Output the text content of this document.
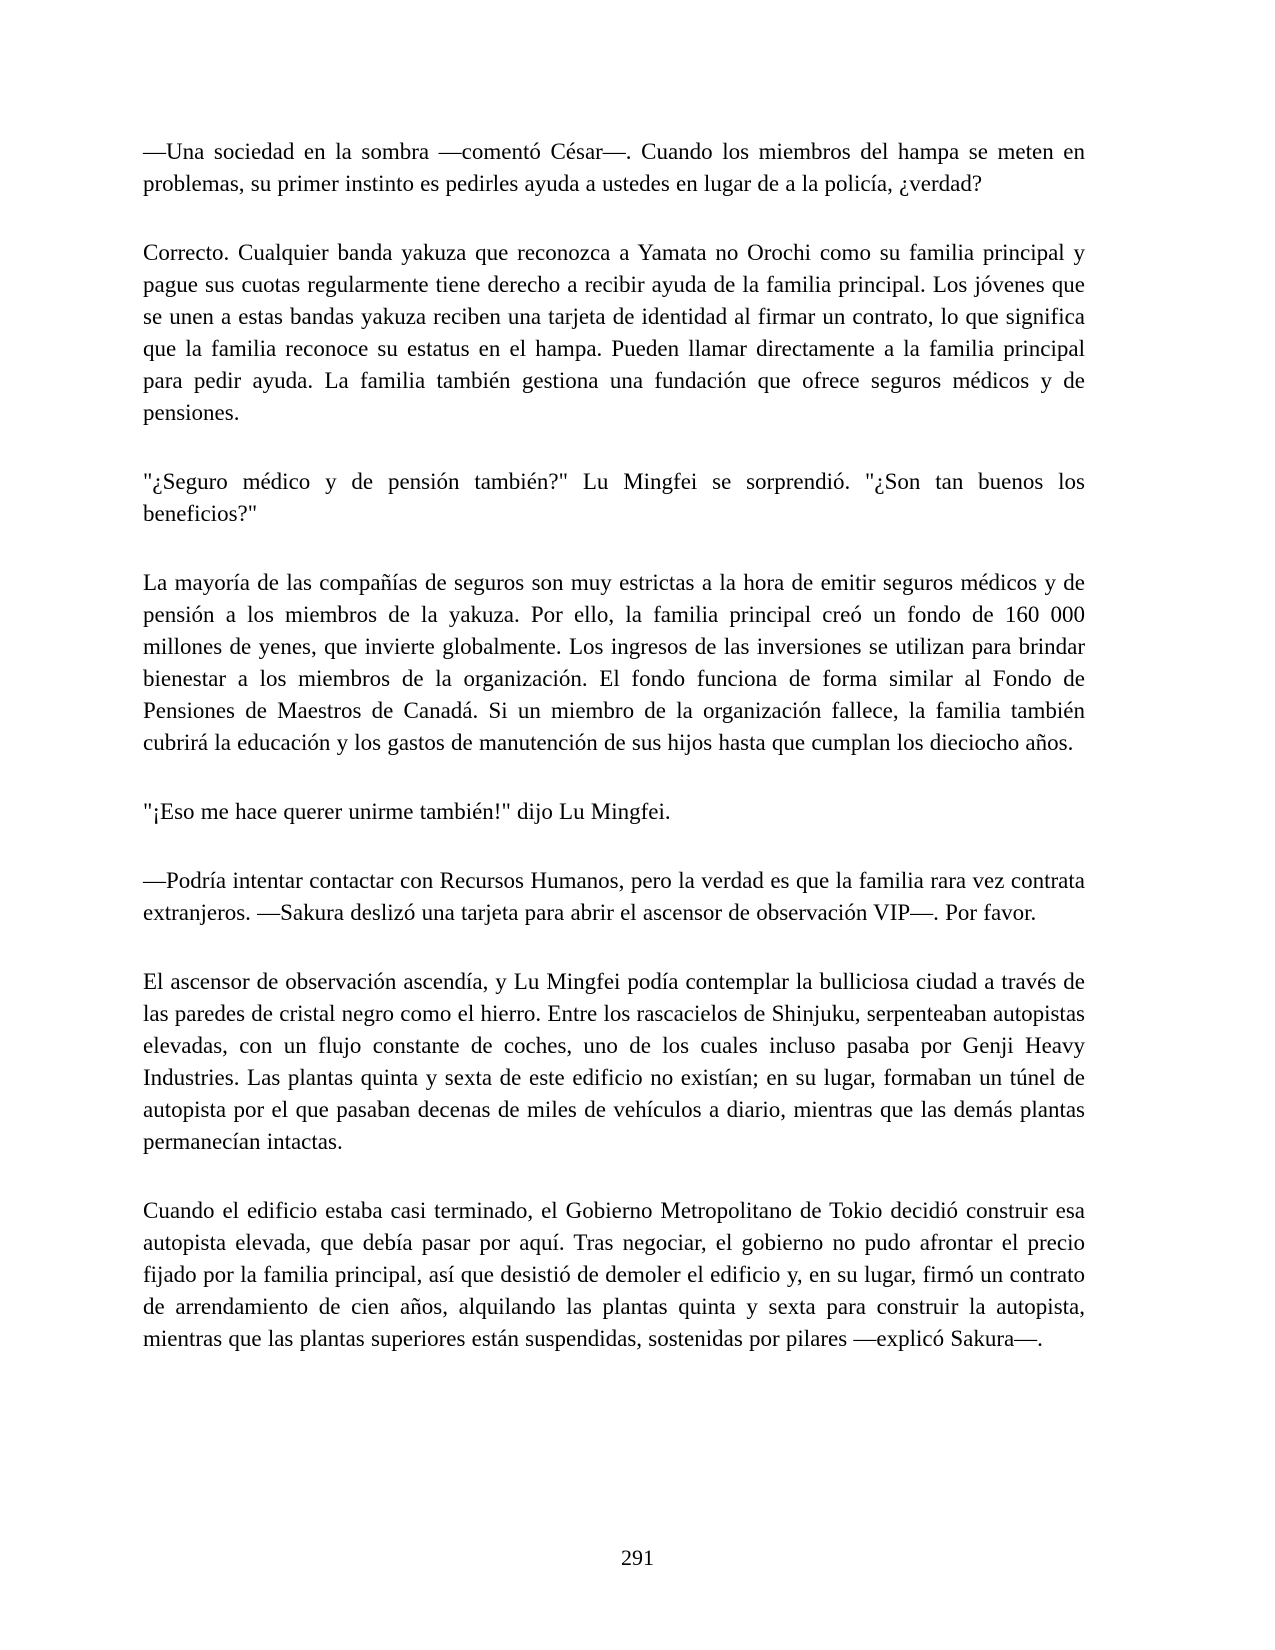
—Una sociedad en la sombra —comentó César—. Cuando los miembros del hampa se meten en problemas, su primer instinto es pedirles ayuda a ustedes en lugar de a la policía, ¿verdad?

Correcto. Cualquier banda yakuza que reconozca a Yamata no Orochi como su familia principal y pague sus cuotas regularmente tiene derecho a recibir ayuda de la familia principal. Los jóvenes que se unen a estas bandas yakuza reciben una tarjeta de identidad al firmar un contrato, lo que significa que la familia reconoce su estatus en el hampa. Pueden llamar directamente a la familia principal para pedir ayuda. La familia también gestiona una fundación que ofrece seguros médicos y de pensiones.

"¿Seguro médico y de pensión también?" Lu Mingfei se sorprendió. "¿Son tan buenos los beneficios?"

La mayoría de las compañías de seguros son muy estrictas a la hora de emitir seguros médicos y de pensión a los miembros de la yakuza. Por ello, la familia principal creó un fondo de 160 000 millones de yenes, que invierte globalmente. Los ingresos de las inversiones se utilizan para brindar bienestar a los miembros de la organización. El fondo funciona de forma similar al Fondo de Pensiones de Maestros de Canadá. Si un miembro de la organización fallece, la familia también cubrirá la educación y los gastos de manutención de sus hijos hasta que cumplan los dieciocho años.

"¡Eso me hace querer unirme también!" dijo Lu Mingfei.

—Podría intentar contactar con Recursos Humanos, pero la verdad es que la familia rara vez contrata extranjeros. —Sakura deslizó una tarjeta para abrir el ascensor de observación VIP—. Por favor.

El ascensor de observación ascendía, y Lu Mingfei podía contemplar la bulliciosa ciudad a través de las paredes de cristal negro como el hierro. Entre los rascacielos de Shinjuku, serpenteaban autopistas elevadas, con un flujo constante de coches, uno de los cuales incluso pasaba por Genji Heavy Industries. Las plantas quinta y sexta de este edificio no existían; en su lugar, formaban un túnel de autopista por el que pasaban decenas de miles de vehículos a diario, mientras que las demás plantas permanecían intactas.

Cuando el edificio estaba casi terminado, el Gobierno Metropolitano de Tokio decidió construir esa autopista elevada, que debía pasar por aquí. Tras negociar, el gobierno no pudo afrontar el precio fijado por la familia principal, así que desistió de demoler el edificio y, en su lugar, firmó un contrato de arrendamiento de cien años, alquilando las plantas quinta y sexta para construir la autopista, mientras que las plantas superiores están suspendidas, sostenidas por pilares —explicó Sakura—.

291
